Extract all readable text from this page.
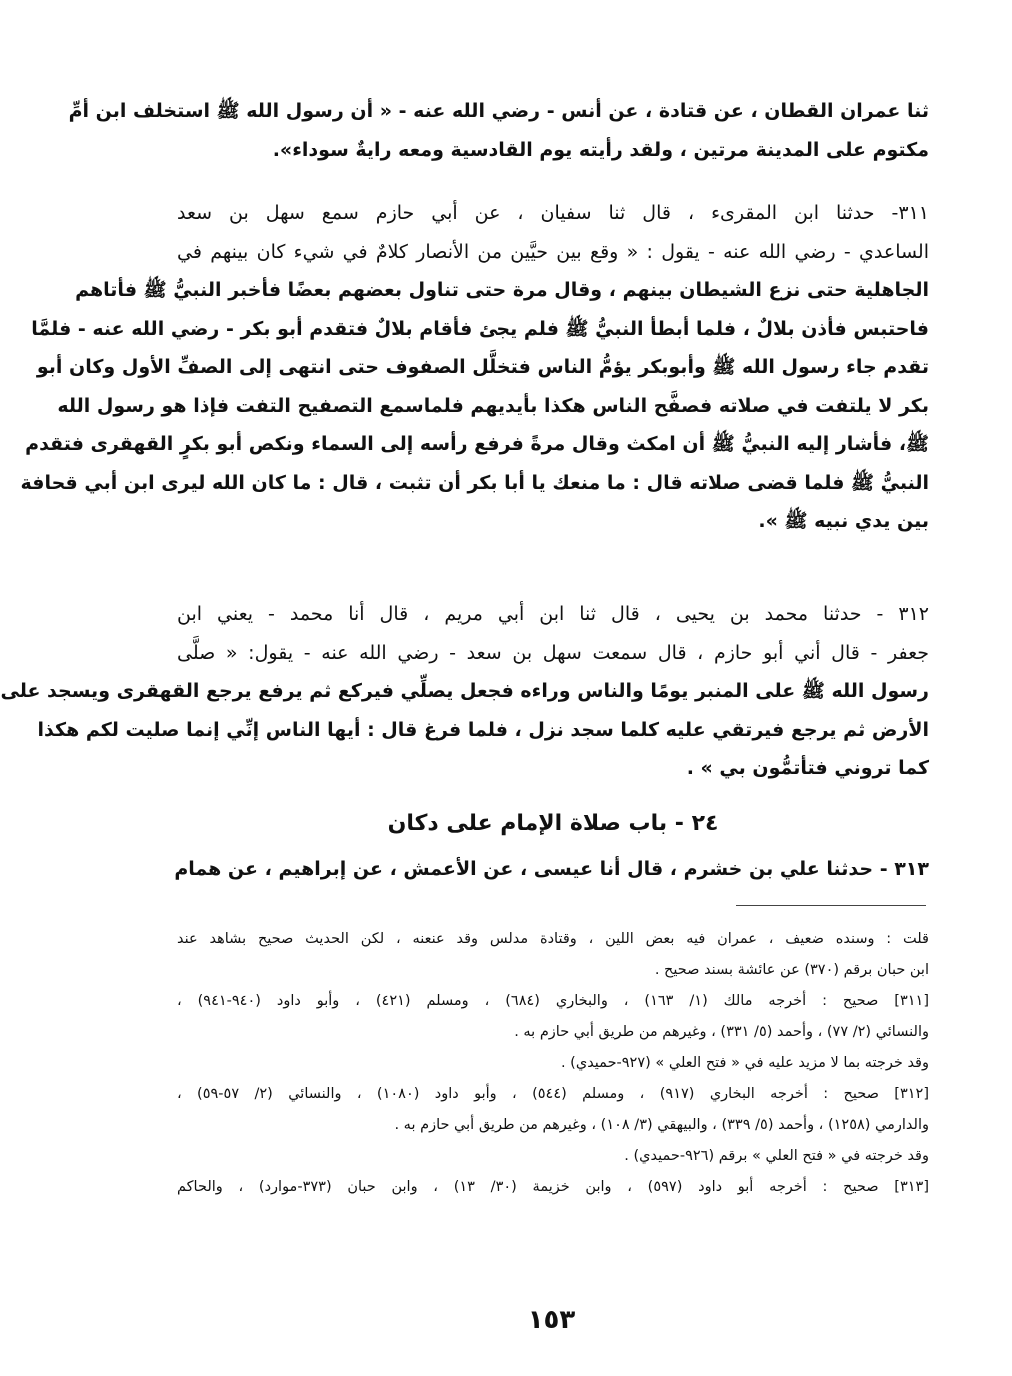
ثنا عمران القطان ، عن قتادة ، عن أنس - رضي الله عنه - « أن رسول الله ﷺ استخلف ابن أمِّ
مكتوم على المدينة مرتين ، ولقد رأيته يوم القادسية ومعه رايةٌ سوداء».
٣١١- حدثنا ابن المقرىء ، قال ثنا سفيان ، عن أبي حازم سمع سهل بن سعد
الساعدي - رضي الله عنه - يقول : « وقع بين حيَّين من الأنصار كلامٌ في شيء كان بينهم في
الجاهلية حتى نزع الشيطان بينهم ، وقال مرة حتى تناول بعضهم بعضًا فأخبر النبيُّ ﷺ فأتاهم
فاحتبس فأذن بلالٌ ، فلما أبطأ النبيُّ ﷺ فلم يجئ فأقام بلالٌ فتقدم أبو بكر - رضي الله عنه - فلمَّا
تقدم جاء رسول الله ﷺ وأبوبكر يؤمُّ الناس فتخلَّل الصفوف حتى انتهى إلى الصفِّ الأول وكان أبو
بكر لا يلتفت في صلاته فصفَّح الناس هكذا بأيديهم فلماسمع التصفيح التفت فإذا هو رسول الله
ﷺ، فأشار إليه النبيُّ ﷺ أن امكث وقال مرةً فرفع رأسه إلى السماء ونكص أبو بكرٍ القهقرى فتقدم
النبيُّ ﷺ فلما قضى صلاته قال : ما منعك يا أبا بكر أن تثبت ، قال : ما كان الله ليرى ابن أبي قحافة
بين يدي نبيه ﷺ ».
٣١٢ - حدثنا محمد بن يحيى ، قال ثنا ابن أبي مريم ، قال أنا محمد - يعني ابن
جعفر - قال أني أبو حازم ، قال سمعت سهل بن سعد - رضي الله عنه - يقول: « صلَّى
رسول الله ﷺ على المنبر يومًا والناس وراءه فجعل يصلِّي فيركع ثم يرفع يرجع القهقرى ويسجد على
الأرض ثم يرجع فيرتقي عليه كلما سجد نزل ، فلما فرغ قال : أيها الناس إنِّي إنما صليت لكم هكذا
كما تروني فتأتمُّون بي » .
٢٤ - باب صلاة الإمام على دكان
٣١٣ - حدثنا علي بن خشرم ، قال أنا عيسى ، عن الأعمش ، عن إبراهيم ، عن همام
قلت : وسنده ضعيف ، عمران فيه بعض اللين ، وقتادة مدلس وقد عنعنه ، لكن الحديث صحيح بشاهد عند
ابن حبان برقم (٣٧٠) عن عائشة بسند صحيح .
[٣١١] صحيح : أخرجه مالك (١/ ١٦٣) ، والبخاري (٦٨٤) ، ومسلم (٤٢١) ، وأبو داود (٩٤٠-٩٤١) ،
والنسائي (٢/ ٧٧) ، وأحمد (٥/ ٣٣١) ، وغيرهم من طريق أبي حازم به .
وقد خرجته بما لا مزيد عليه في « فتح العلي » (٩٢٧-حميدي) .
[٣١٢] صحيح : أخرجه البخاري (٩١٧) ، ومسلم (٥٤٤) ، وأبو داود (١٠٨٠) ، والنسائي (٢/ ٥٧-٥٩) ،
والدارمي (١٢٥٨) ، وأحمد (٥/ ٣٣٩) ، والبيهقي (٣/ ١٠٨) ، وغيرهم من طريق أبي حازم به .
وقد خرجته في « فتح العلي » برقم (٩٢٦-حميدي) .
[٣١٣] صحيح : أخرجه أبو داود (٥٩٧) ، وابن خزيمة (٣٠/ ١٣) ، وابن حبان (٣٧٣-موارد) ، والحاكم
١٥٣
